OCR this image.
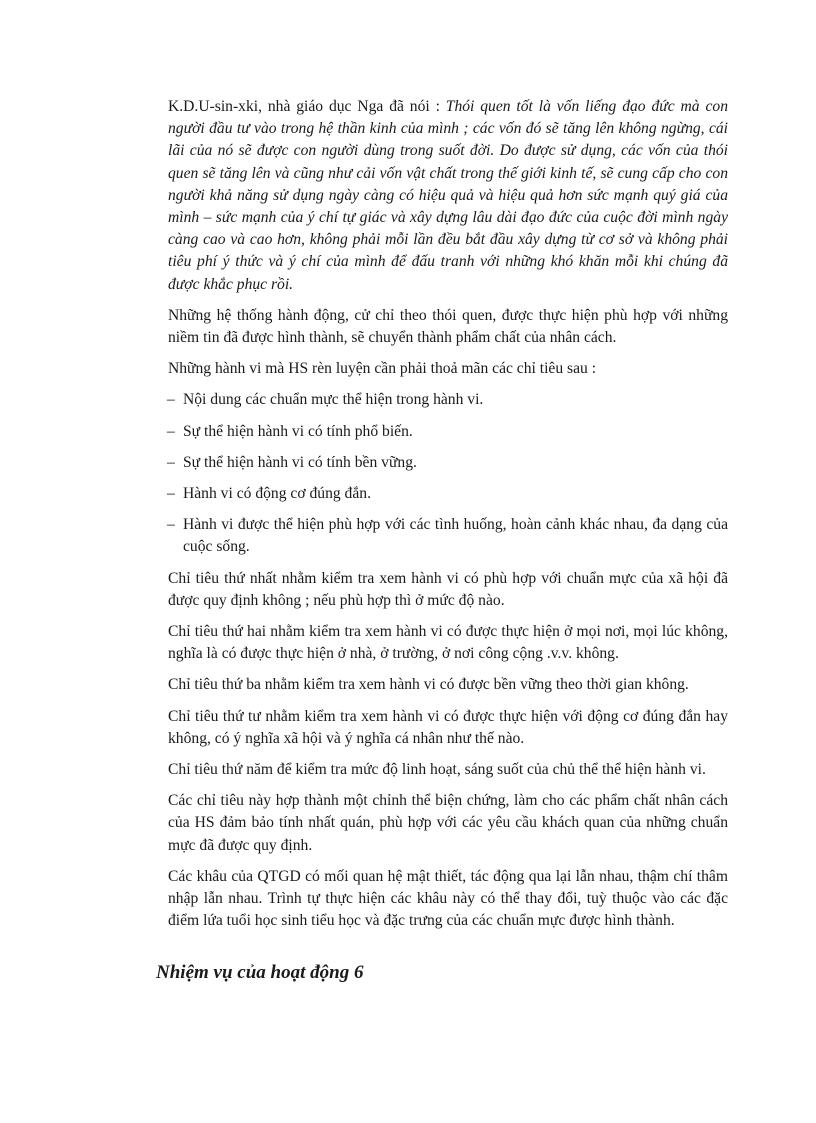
K.D.U-sin-xki, nhà giáo dục Nga đã nói : Thói quen tốt là vốn liếng đạo đức mà con người đầu tư vào trong hệ thần kinh của mình ; các vốn đó sẽ tăng lên không ngừng, cái lãi của nó sẽ được con người dùng trong suốt đời. Do được sử dụng, các vốn của thói quen sẽ tăng lên và cũng như cải vốn vật chất trong thế giới kinh tế, sẽ cung cấp cho con người khả năng sử dụng ngày càng có hiệu quả và hiệu quả hơn sức mạnh quý giá của mình – sức mạnh của ý chí tự giác và xây dựng lâu dài đạo đức của cuộc đời mình ngày càng cao và cao hơn, không phải mỗi lần đều bắt đầu xây dựng từ cơ sở và không phải tiêu phí ý thức và ý chí của mình để đấu tranh với những khó khăn mỗi khi chúng đã được khắc phục rồi.

Những hệ thống hành động, cử chỉ theo thói quen, được thực hiện phù hợp với những niềm tin đã được hình thành, sẽ chuyển thành phẩm chất của nhân cách.

Những hành vi mà HS rèn luyện cần phải thoả mãn các chỉ tiêu sau :

– Nội dung các chuẩn mực thể hiện trong hành vi.
– Sự thể hiện hành vi có tính phổ biến.
– Sự thể hiện hành vi có tính bền vững.
– Hành vi có động cơ đúng đắn.
– Hành vi được thể hiện phù hợp với các tình huống, hoàn cảnh khác nhau, đa dạng của cuộc sống.

Chỉ tiêu thứ nhất nhằm kiểm tra xem hành vi có phù hợp với chuẩn mực của xã hội đã được quy định không ; nếu phù hợp thì ở mức độ nào.

Chỉ tiêu thứ hai nhằm kiểm tra xem hành vi có được thực hiện ở mọi nơi, mọi lúc không, nghĩa là có được thực hiện ở nhà, ở trường, ở nơi công cộng .v.v. không.

Chỉ tiêu thứ ba nhằm kiểm tra xem hành vi có được bền vững theo thời gian không.

Chỉ tiêu thứ tư nhằm kiểm tra xem hành vi có được thực hiện với động cơ đúng đắn hay không, có ý nghĩa xã hội và ý nghĩa cá nhân như thế nào.

Chỉ tiêu thứ năm để kiểm tra mức độ linh hoạt, sáng suốt của chủ thể thể hiện hành vi.

Các chỉ tiêu này hợp thành một chỉnh thể biện chứng, làm cho các phẩm chất nhân cách của HS đảm bảo tính nhất quán, phù hợp với các yêu cầu khách quan của những chuẩn mực đã được quy định.

Các khâu của QTGD có mối quan hệ mật thiết, tác động qua lại lẫn nhau, thậm chí thâm nhập lẫn nhau. Trình tự thực hiện các khâu này có thể thay đổi, tuỳ thuộc vào các đặc điểm lứa tuổi học sinh tiểu học và đặc trưng của các chuẩn mực được hình thành.

Nhiệm vụ của hoạt động 6
